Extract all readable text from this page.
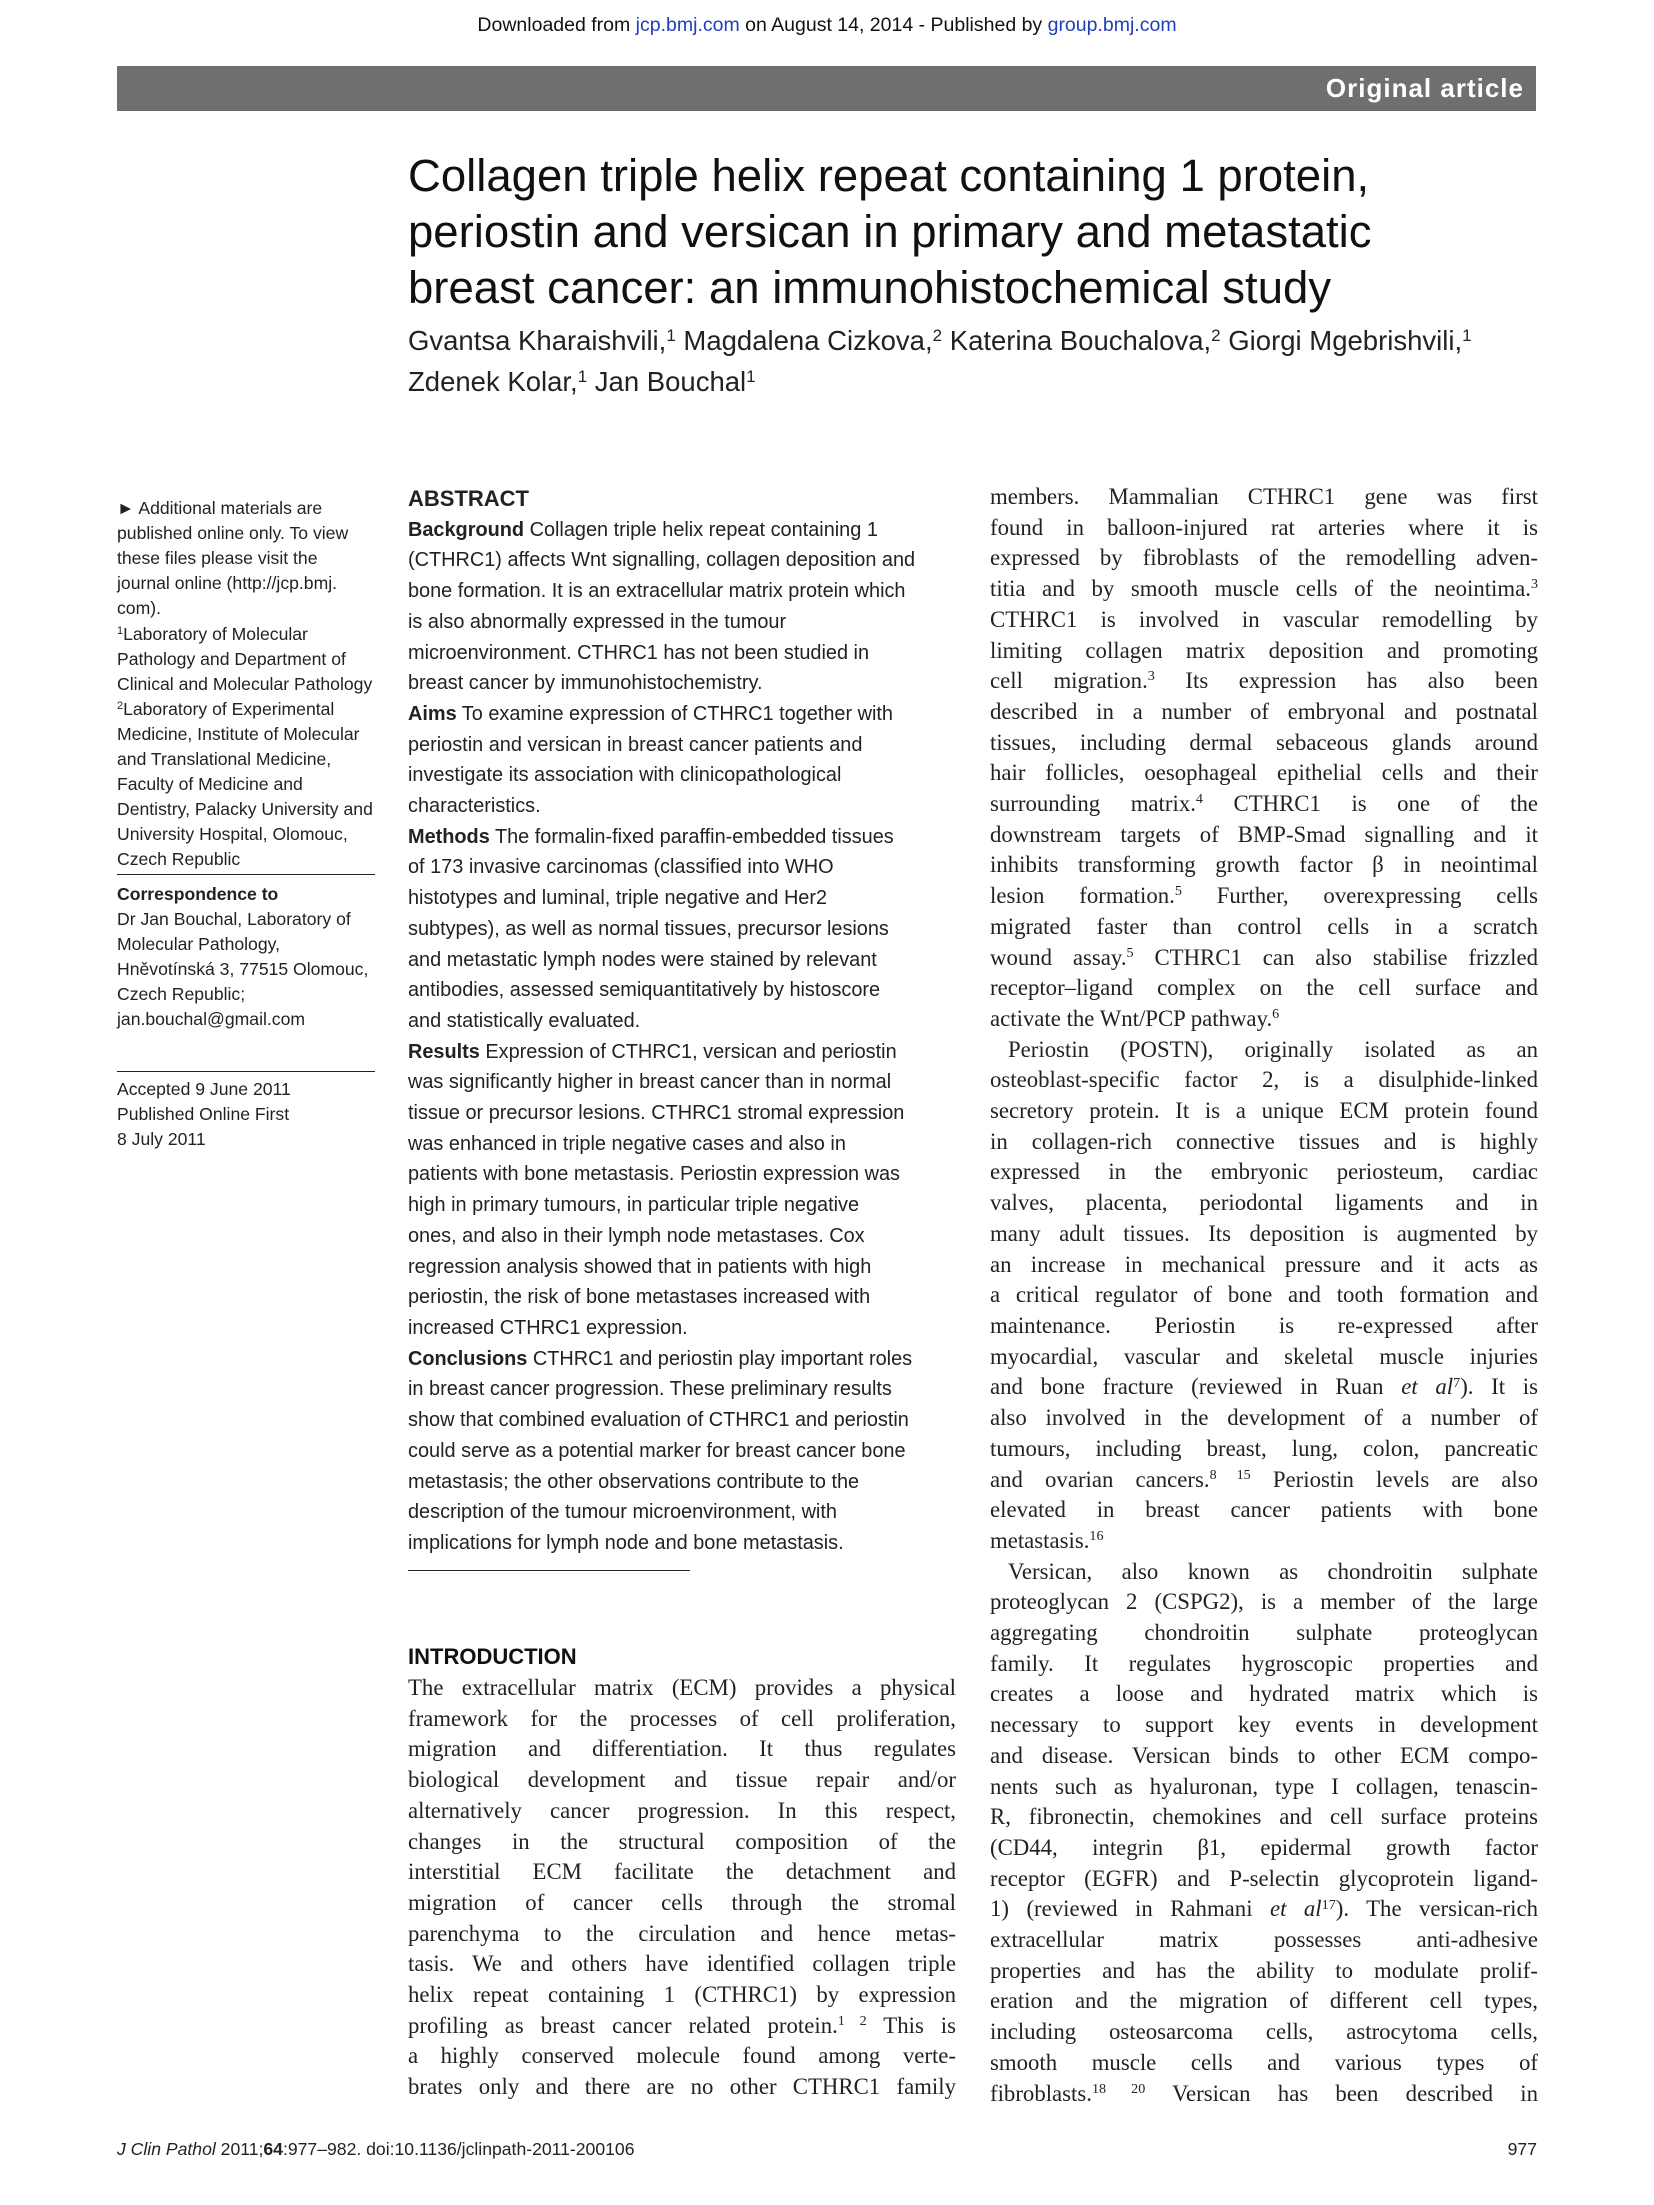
Downloaded from jcp.bmj.com on August 14, 2014 - Published by group.bmj.com
Original article
Collagen triple helix repeat containing 1 protein,
periostin and versican in primary and metastatic
breast cancer: an immunohistochemical study
Gvantsa Kharaishvili,$^1$ Magdalena Cizkova,$^2$ Katerina Bouchalova,$^2$ Giorgi Mgebrishvili,$^1$
Zdenek Kolar,$^1$ Jan Bouchal$^1$
► Additional materials are
published online only. To view
these files please visit the
journal online (http://jcp.bmj.
com).
$^1$Laboratory of Molecular
Pathology and Department of
Clinical and Molecular Pathology
$^2$Laboratory of Experimental
Medicine, Institute of Molecular
and Translational Medicine,
Faculty of Medicine and
Dentistry, Palacky University and
University Hospital, Olomouc,
Czech Republic
Correspondence to
Dr Jan Bouchal, Laboratory of
Molecular Pathology,
Hněvotínská 3, 77515 Olomouc,
Czech Republic;
jan.bouchal@gmail.com
Accepted 9 June 2011
Published Online First
8 July 2011
ABSTRACT
Background Collagen triple helix repeat containing 1
(CTHRC1) affects Wnt signalling, collagen deposition and
bone formation. It is an extracellular matrix protein which
is also abnormally expressed in the tumour
microenvironment. CTHRC1 has not been studied in
breast cancer by immunohistochemistry.
Aims To examine expression of CTHRC1 together with
periostin and versican in breast cancer patients and
investigate its association with clinicopathological
characteristics.
Methods The formalin-fixed paraffin-embedded tissues
of 173 invasive carcinomas (classified into WHO
histotypes and luminal, triple negative and Her2
subtypes), as well as normal tissues, precursor lesions
and metastatic lymph nodes were stained by relevant
antibodies, assessed semiquantitatively by histoscore
and statistically evaluated.
Results Expression of CTHRC1, versican and periostin
was significantly higher in breast cancer than in normal
tissue or precursor lesions. CTHRC1 stromal expression
was enhanced in triple negative cases and also in
patients with bone metastasis. Periostin expression was
high in primary tumours, in particular triple negative
ones, and also in their lymph node metastases. Cox
regression analysis showed that in patients with high
periostin, the risk of bone metastases increased with
increased CTHRC1 expression.
Conclusions CTHRC1 and periostin play important roles
in breast cancer progression. These preliminary results
show that combined evaluation of CTHRC1 and periostin
could serve as a potential marker for breast cancer bone
metastasis; the other observations contribute to the
description of the tumour microenvironment, with
implications for lymph node and bone metastasis.
INTRODUCTION
The extracellular matrix (ECM) provides a physical
framework for the processes of cell proliferation,
migration and differentiation. It thus regulates
biological development and tissue repair and/or
alternatively cancer progression. In this respect,
changes in the structural composition of the
interstitial ECM facilitate the detachment and
migration of cancer cells through the stromal
parenchyma to the circulation and hence metas-
tasis. We and others have identified collagen triple
helix repeat containing 1 (CTHRC1) by expression
profiling as breast cancer related protein.$^{1 2}$ This is
a highly conserved molecule found among verte-
brates only and there are no other CTHRC1 family
members. Mammalian CTHRC1 gene was first
found in balloon-injured rat arteries where it is
expressed by fibroblasts of the remodelling adven-
titia and by smooth muscle cells of the neointima.$^3$
CTHRC1 is involved in vascular remodelling by
limiting collagen matrix deposition and promoting
cell migration.$^3$ Its expression has also been
described in a number of embryonal and postnatal
tissues, including dermal sebaceous glands around
hair follicles, oesophageal epithelial cells and their
surrounding matrix.$^4$ CTHRC1 is one of the
downstream targets of BMP-Smad signalling and it
inhibits transforming growth factor β in neointimal
lesion formation.$^5$ Further, overexpressing cells
migrated faster than control cells in a scratch
wound assay.$^5$ CTHRC1 can also stabilise frizzled
receptor–ligand complex on the cell surface and
activate the Wnt/PCP pathway.$^6$
Periostin (POSTN), originally isolated as an
osteoblast-specific factor 2, is a disulphide-linked
secretory protein. It is a unique ECM protein found
in collagen-rich connective tissues and is highly
expressed in the embryonic periosteum, cardiac
valves, placenta, periodontal ligaments and in
many adult tissues. Its deposition is augmented by
an increase in mechanical pressure and it acts as
a critical regulator of bone and tooth formation and
maintenance. Periostin is re-expressed after
myocardial, vascular and skeletal muscle injuries
and bone fracture (reviewed in Ruan et $al^7$). It is
also involved in the development of a number of
tumours, including breast, lung, colon, pancreatic
and ovarian cancers.$^{8 15}$ Periostin levels are also
elevated in breast cancer patients with bone
metastasis.$^{16}$
Versican, also known as chondroitin sulphate
proteoglycan 2 (CSPG2), is a member of the large
aggregating chondroitin sulphate proteoglycan
family. It regulates hygroscopic properties and
creates a loose and hydrated matrix which is
necessary to support key events in development
and disease. Versican binds to other ECM compo-
nents such as hyaluronan, type I collagen, tenascin-
R, fibronectin, chemokines and cell surface proteins
(CD44, integrin β1, epidermal growth factor
receptor (EGFR) and P-selectin glycoprotein ligand-
1) (reviewed in Rahmani et $al^{17}$). The versican-rich
extracellular matrix possesses anti-adhesive
properties and has the ability to modulate prolif-
eration and the migration of different cell types,
including osteosarcoma cells, astrocytoma cells,
smooth muscle cells and various types of
fibroblasts.$^{18 20}$ Versican has been described in
J Clin Pathol 2011;64:977–982. doi:10.1136/jclinpath-2011-200106	977
